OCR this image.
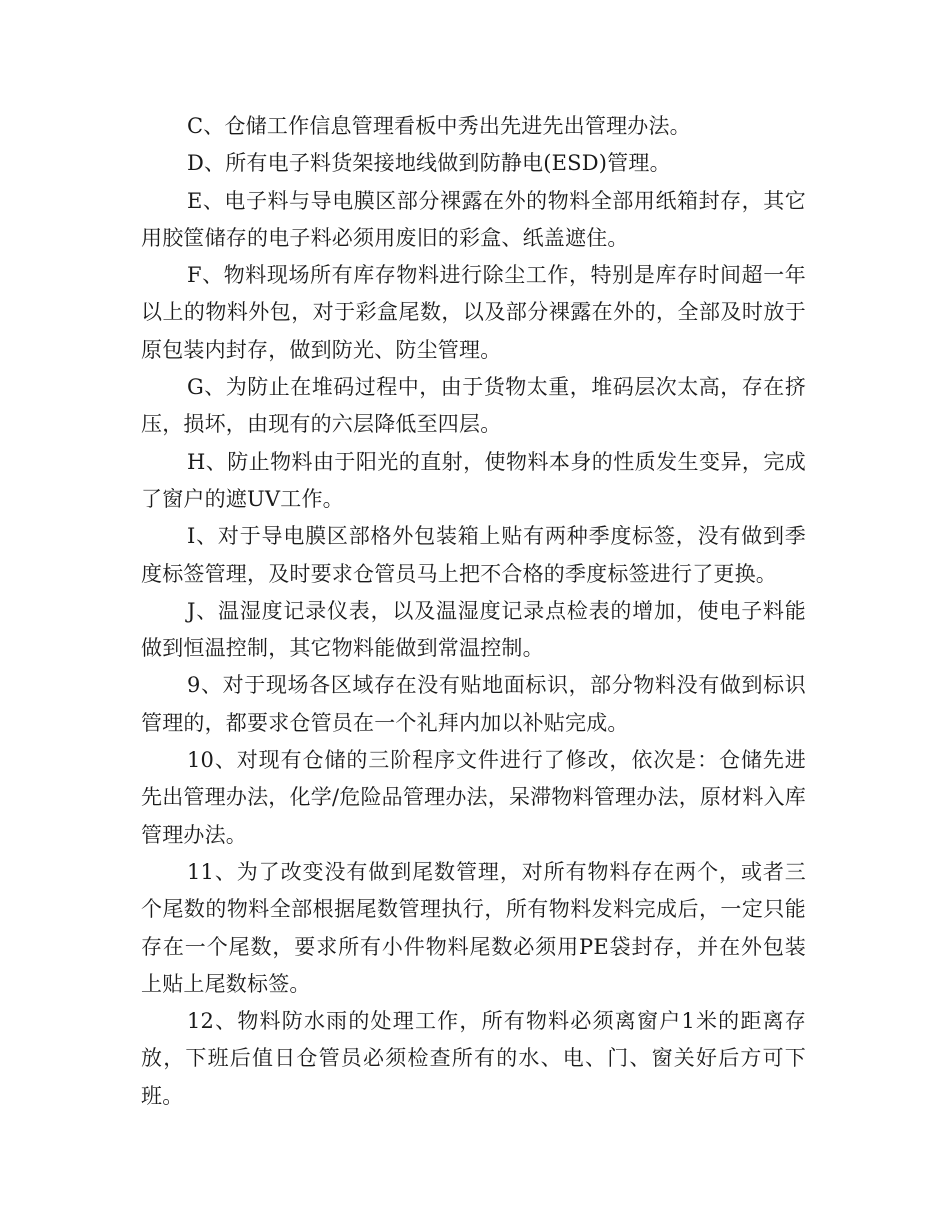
C、仓储工作信息管理看板中秀出先进先出管理办法。

D、所有电子料货架接地线做到防静电(ESD)管理。

E、电子料与导电膜区部分裸露在外的物料全部用纸箱封存，其它用胶筐储存的电子料必须用废旧的彩盒、纸盖遮住。

F、物料现场所有库存物料进行除尘工作，特别是库存时间超一年以上的物料外包，对于彩盒尾数，以及部分裸露在外的，全部及时放于原包装内封存，做到防光、防尘管理。

G、为防止在堆码过程中，由于货物太重，堆码层次太高，存在挤压，损坏，由现有的六层降低至四层。

H、防止物料由于阳光的直射，使物料本身的性质发生变异，完成了窗户的遮UV工作。

I、对于导电膜区部格外包装箱上贴有两种季度标签，没有做到季度标签管理，及时要求仓管员马上把不合格的季度标签进行了更换。

J、温湿度记录仪表，以及温湿度记录点检表的增加，使电子料能做到恒温控制，其它物料能做到常温控制。

9、对于现场各区域存在没有贴地面标识，部分物料没有做到标识管理的，都要求仓管员在一个礼拜内加以补贴完成。

10、对现有仓储的三阶程序文件进行了修改，依次是：仓储先进先出管理办法，化学/危险品管理办法，呆滞物料管理办法，原材料入库管理办法。

11、为了改变没有做到尾数管理，对所有物料存在两个，或者三个尾数的物料全部根据尾数管理执行，所有物料发料完成后，一定只能存在一个尾数，要求所有小件物料尾数必须用PE袋封存，并在外包装上贴上尾数标签。

12、物料防水雨的处理工作，所有物料必须离窗户1米的距离存放，下班后值日仓管员必须检查所有的水、电、门、窗关好后方可下班。
